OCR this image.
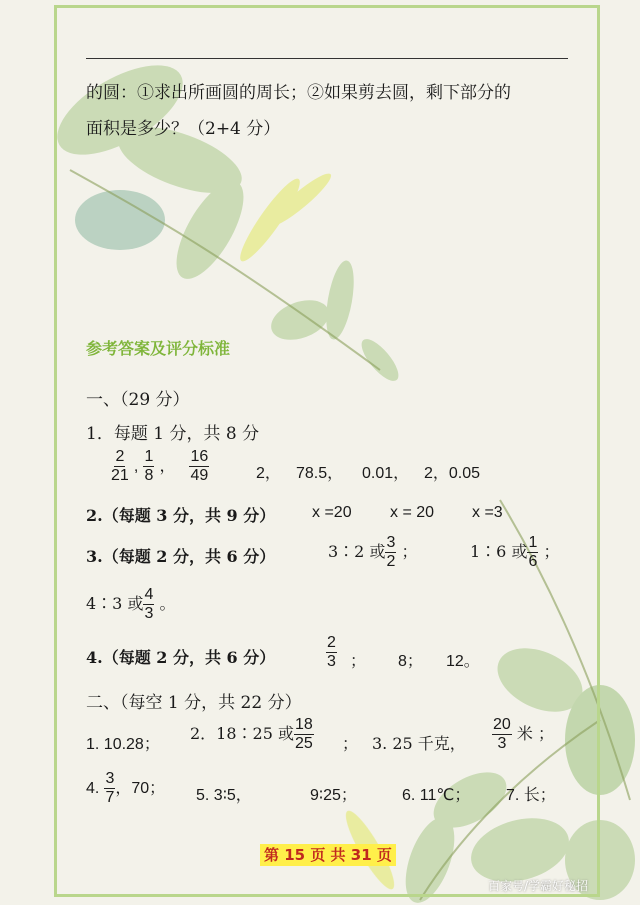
的圆：①求出所画圆的周长；②如果剪去圆，剩下部分的
面积是多少？（2+4 分）
参考答案及评分标准
一、（29 分）
1．每题 1 分，共 8 分
$\frac{2}{21}$ , $\frac{1}{8}$ ， $\frac{16}{49}$	2， 78.5， 0.01， 2，0.05
2.（每题 3 分，共 9 分） x =20 x = 20 x =3
3.（每题 2 分，共 6 分）	3∶2 或 $\frac{3}{2}$ ；	1∶6 或 $\frac{1}{6}$ ；
4∶3 或 $\frac{4}{3}$ 。
4.（每题 2 分，共 6 分）	$\frac{2}{3}$ ； 8； 12。
二、（每空 1 分，共 22 分）
1. 10.28；
2．18∶25 或 $\frac{18}{25}$ ； 3. 25 千克， $\frac{20}{3}$ 米 ；
4. $\frac{3}{7}$ ，70； 5. 3∶5，	9∶25；	6. 11℃； 7. 长；
第 15 页 共 31 页
百家号/学霸好秘招
